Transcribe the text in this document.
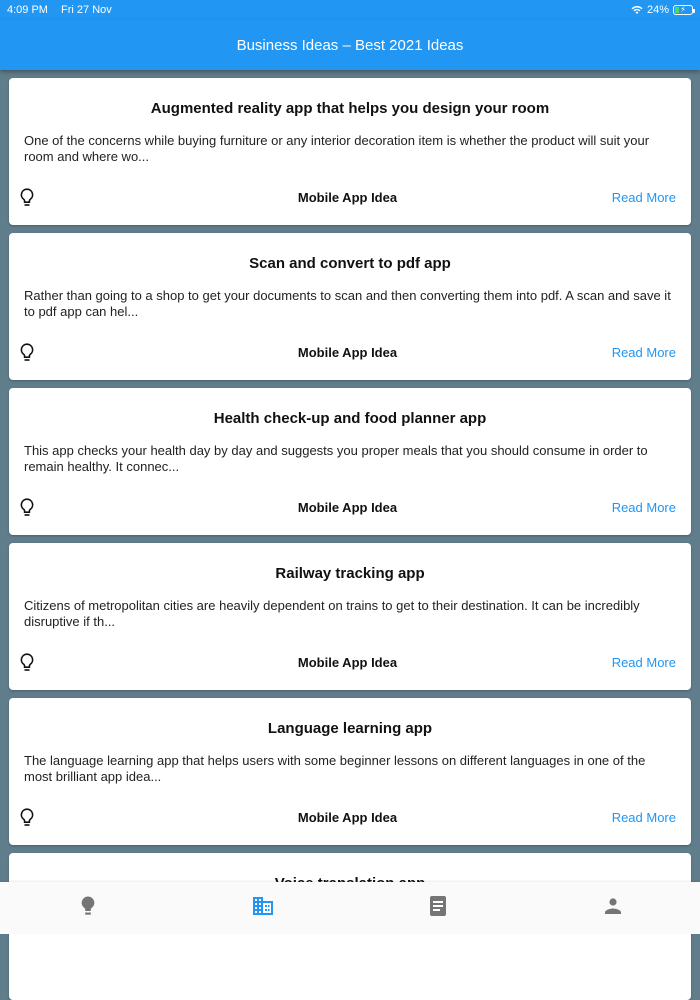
4:09 PM Fri 27 Nov	24% ⚡
Business Ideas – Best 2021 Ideas
Augmented reality app that helps you design your room
One of the concerns while buying furniture or any interior decoration item is whether the product will suit your room and where wo...
Mobile App Idea	Read More
Scan and convert to pdf app
Rather than going to a shop to get your documents to scan and then converting them into pdf. A scan and save it to pdf app can hel...
Mobile App Idea	Read More
Health check-up and food planner app
This app checks your health day by day and suggests you proper meals that you should consume in order to remain healthy. It connec...
Mobile App Idea	Read More
Railway tracking app
Citizens of metropolitan cities are heavily dependent on trains to get to their destination. It can be incredibly disruptive if th...
Mobile App Idea	Read More
Language learning app
The language learning app that helps users with some beginner lessons on different languages in one of the most brilliant app idea...
Mobile App Idea	Read More
